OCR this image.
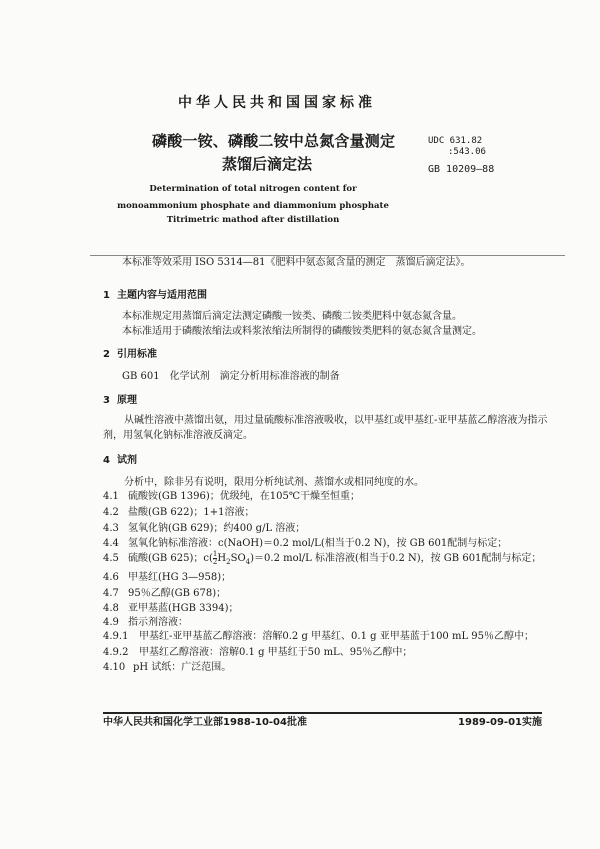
中华人民共和国国家标准
磷酸一铵、磷酸二铵中总氮含量测定
蒸馏后滴定法
UDC 631.82
:543.06
GB 10209—88
Determination of total nitrogen content for
monoammonium phosphate and diammonium phosphate
Titrimetric mathod after distillation
本标准等效采用 ISO 5314—81《肥料中氨态氮含量的测定　蒸馏后滴定法》。
1 主题内容与适用范围
本标准规定用蒸馏后滴定法测定磷酸一铵类、磷酸二铵类肥料中氨态氮含量。
本标准适用于磷酸浓缩法或料浆浓缩法所制得的磷酸铵类肥料的氨态氮含量测定。
2 引用标准
GB 601　化学试剂　滴定分析用标准溶液的制备
3 原理
从碱性溶液中蒸馏出氨，用过量硫酸标准溶液吸收，以甲基红或甲基红-亚甲基蓝乙醇溶液为指示
剂，用氢氧化钠标准溶液反滴定。
4 试剂
分析中，除非另有说明，限用分析纯试剂、蒸馏水或相同纯度的水。
4.1 硫酸铵(GB 1396)；优级纯，在105℃干燥至恒重；
4.2 盐酸(GB 622)；1+1溶液；
4.3 氢氧化钠(GB 629)；约400 g/L 溶液；
4.4 氢氧化钠标准溶液：c(NaOH)＝0.2 mol/L(相当于0.2 N)，按 GB 601配制与标定；
4.5 硫酸(GB 625)；$c( \frac{1}{2} H_2SO_4)=0.2$ mol/L 标准溶液(相当于0.2 N)，按 GB 601配制与标定；
4.6 甲基红(HG 3—958)；
4.7 95％乙醇(GB 678)；
4.8 亚甲基蓝(HGB 3394)；
4.9 指示剂溶液：
4.9.1 甲基红-亚甲基蓝乙醇溶液：溶解0.2 g 甲基红、0.1 g 亚甲基蓝于100 mL 95％乙醇中；
4.9.2 甲基红乙醇溶液：溶解0.1 g 甲基红于50 mL、95％乙醇中；
4.10 pH 试纸：广泛范围。
中华人民共和国化学工业部1988-10-04批准	1989-09-01实施
